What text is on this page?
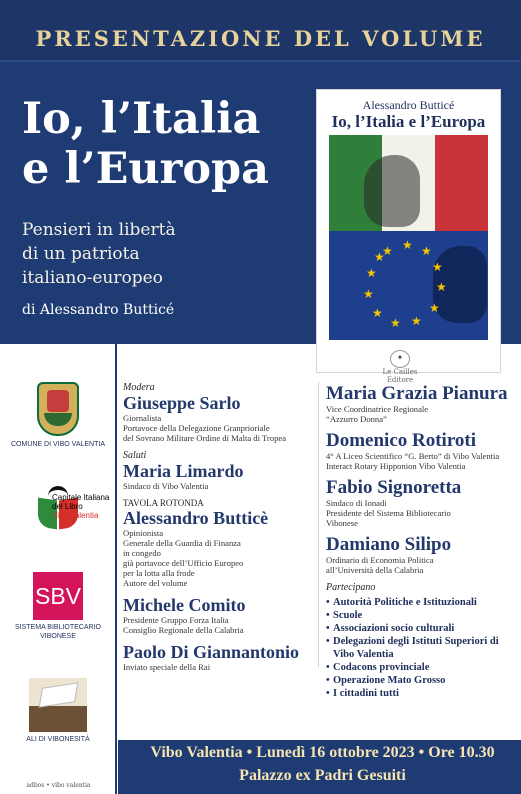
PRESENTAZIONE DEL VOLUME
Io, l’Italia
e l’Europa
Pensieri in libertà
di un patriota
italiano-europeo
di Alessandro Butticé
Alessandro Butticé
Io, l’Italia e l’Europa
★ ★ ★
★
★
★
★
★
★
★
★
★
✦
Le Cailles
Editore
COMUNE DI VIBO VALENTIA
Capitale Italiana
del Libro
Vibo Valentia
SBV
SISTEMA BIBLIOTECARIO
VIBONESE
ALI DI VIBONESITÀ
adbos • vibo valentia
Modera
Giuseppe Sarlo
Giornalista
Portavoce della Delegazione Granprioriale
del Sovrano Militare Ordine di Malta di Tropea
Saluti
Maria Limardo
Sindaco di Vibo Valentia
TAVOLA ROTONDA
Alessandro Butticè
Opinionista
Generale della Guardia di Finanza
in congedo
già portavoce dell’Ufficio Europeo
per la lotta alla frode
Autore del volume
Michele Comito
Presidente Gruppo Forza Italia
Consiglio Regionale della Calabria
Paolo Di Giannantonio
Inviato speciale della Rai
Maria Grazia Pianura
Vice Coordinatrice Regionale
“Azzurro Donna”
Domenico Rotiroti
4° A Liceo Scientifico “G. Berto” di Vibo Valentia
Interact Rotary Hipponion Vibo Valentia
Fabio Signoretta
Sindaco di Ionadi
Presidente del Sistema Bibliotecario
Vibonese
Damiano Silipo
Ordinario di Economia Politica
all’Università della Calabria
Partecipano
• Autorità Politiche e Istituzionali
• Scuole
• Associazioni socio culturali
• Delegazioni degli Istituti Superiori di Vibo Valentia
• Codacons provinciale
• Operazione Mato Grosso
• I cittadini tutti
Vibo Valentia • Lunedì 16 ottobre 2023 • Ore 10.30
Palazzo ex Padri Gesuiti
